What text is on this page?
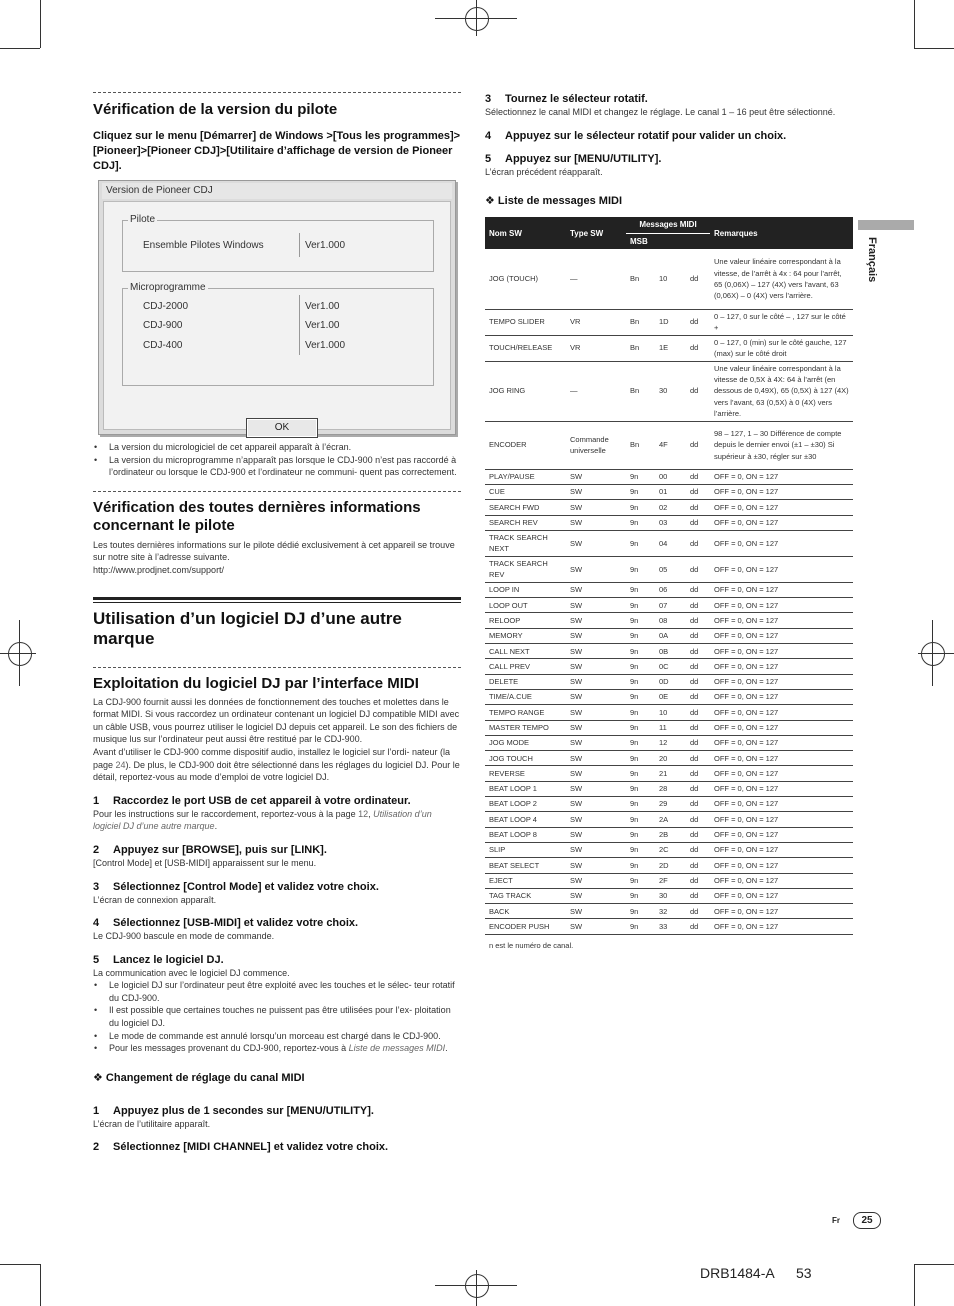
Vérification de la version du pilote
Cliquez sur le menu [Démarrer] de Windows >[Tous les programmes]>[Pioneer]>[Pioneer CDJ]>[Utilitaire d’affichage de version de Pioneer CDJ].
Version de Pioneer CDJ
Pilote
Ensemble Pilotes Windows	Ver1.000
Microprogramme
CDJ-2000	Ver1.00
CDJ-900	Ver1.00
CDJ-400	Ver1.000
OK
• La version du micrologiciel de cet appareil apparaît à l’écran.
• La version du microprogramme n’apparaît pas lorsque le CDJ-900 n’est pas raccordé à l’ordinateur ou lorsque le CDJ-900 et l’ordinateur ne communi- quent pas correctement.
Vérification des toutes dernières informations concernant le pilote

Les toutes dernières informations sur le pilote dédié exclusivement à cet appareil se trouve sur notre site à l’adresse suivante.

http://www.prodjnet.com/support/

Utilisation d’un logiciel DJ d’une autre marque
Exploitation du logiciel DJ par l’interface MIDI

La CDJ-900 fournit aussi les données de fonctionnement des touches et molettes dans le format MIDI. Si vous raccordez un ordinateur contenant un logiciel DJ compatible MIDI avec un câble USB, vous pourrez utiliser le logiciel DJ depuis cet appareil. Le son des fichiers de musique lus sur l’ordinateur peut aussi être restitué par le CDJ-900.

Avant d’utiliser le CDJ-900 comme dispositif audio, installez le logiciel sur l’ordi- nateur (la page 24). De plus, le CDJ-900 doit être sélectionné dans les réglages du logiciel DJ. Pour le détail, reportez-vous au mode d’emploi de votre logiciel DJ.

1 Raccordez le port USB de cet appareil à votre ordinateur.

Pour les instructions sur le raccordement, reportez-vous à la page 12, Utilisation d’un logiciel DJ d’une autre marque.

2 Appuyez sur [BROWSE], puis sur [LINK].

[Control Mode] et [USB-MIDI] apparaissent sur le menu.

3 Sélectionnez [Control Mode] et validez votre choix.

L’écran de connexion apparaît.

4 Sélectionnez [USB-MIDI] et validez votre choix.

Le CDJ-900 bascule en mode de commande.

5 Lancez le logiciel DJ.

La communication avec le logiciel DJ commence.

• Le logiciel DJ sur l’ordinateur peut être exploité avec les touches et le sélec- teur rotatif du CDJ-900.
• Il est possible que certaines touches ne puissent pas être utilisées pour l’ex- ploitation du logiciel DJ.
• Le mode de commande est annulé lorsqu’un morceau est chargé dans le CDJ-900.
• Pour les messages provenant du CDJ-900, reportez-vous à Liste de messages MIDI.
❖ Changement de réglage du canal MIDI
1 Appuyez plus de 1 secondes sur [MENU/UTILITY].

L’écran de l’utilitaire apparaît.

2 Sélectionnez [MIDI CHANNEL] et validez votre choix.
3 Tournez le sélecteur rotatif.

Sélectionnez le canal MIDI et changez le réglage. Le canal 1 – 16 peut être sélectionné.

4 Appuyez sur le sélecteur rotatif pour valider un choix.
5 Appuyez sur [MENU/UTILITY].

L’écran précédent réapparaît.

❖ Liste de messages MIDI
Nom SW	Type SW	Messages MIDI			Remarques
		MSB			
JOG (TOUCH)	—	Bn	10	dd	Une valeur linéaire correspondant à la vitesse, de l’arrêt à 4x : 64 pour l’arrêt, 65 (0,06X) – 127 (4X) vers l’avant, 63 (0,06X) – 0 (4X) vers l’arrière.
TEMPO SLIDER	VR	Bn	1D	dd	0 – 127, 0 sur le côté – , 127 sur le côté +
TOUCH/RELEASE	VR	Bn	1E	dd	0 – 127, 0 (min) sur le côté gauche, 127 (max) sur le côté droit
JOG RING	—	Bn	30	dd	Une valeur linéaire correspondant à la vitesse de 0,5X à 4X: 64 à l’arrêt (en dessous de 0,49X), 65 (0,5X) à 127 (4X) vers l’avant, 63 (0,5X) à 0 (4X) vers l’arrière.
ENCODER	Commande universelle	Bn	4F	dd	98 – 127, 1 – 30 Différence de compte depuis le dernier envoi (±1 – ±30) Si supérieur à ±30, régler sur ±30
PLAY/PAUSE	SW	9n	00	dd	OFF = 0, ON = 127
CUE	SW	9n	01	dd	OFF = 0, ON = 127
SEARCH FWD	SW	9n	02	dd	OFF = 0, ON = 127
SEARCH REV	SW	9n	03	dd	OFF = 0, ON = 127
TRACK SEARCH NEXT	SW	9n	04	dd	OFF = 0, ON = 127
TRACK SEARCH REV	SW	9n	05	dd	OFF = 0, ON = 127
LOOP IN	SW	9n	06	dd	OFF = 0, ON = 127
LOOP OUT	SW	9n	07	dd	OFF = 0, ON = 127
RELOOP	SW	9n	08	dd	OFF = 0, ON = 127
MEMORY	SW	9n	0A	dd	OFF = 0, ON = 127
CALL NEXT	SW	9n	0B	dd	OFF = 0, ON = 127
CALL PREV	SW	9n	0C	dd	OFF = 0, ON = 127
DELETE	SW	9n	0D	dd	OFF = 0, ON = 127
TIME/A.CUE	SW	9n	0E	dd	OFF = 0, ON = 127
TEMPO RANGE	SW	9n	10	dd	OFF = 0, ON = 127
MASTER TEMPO	SW	9n	11	dd	OFF = 0, ON = 127
JOG MODE	SW	9n	12	dd	OFF = 0, ON = 127
JOG TOUCH	SW	9n	20	dd	OFF = 0, ON = 127
REVERSE	SW	9n	21	dd	OFF = 0, ON = 127
BEAT LOOP 1	SW	9n	28	dd	OFF = 0, ON = 127
BEAT LOOP 2	SW	9n	29	dd	OFF = 0, ON = 127
BEAT LOOP 4	SW	9n	2A	dd	OFF = 0, ON = 127
BEAT LOOP 8	SW	9n	2B	dd	OFF = 0, ON = 127
SLIP	SW	9n	2C	dd	OFF = 0, ON = 127
BEAT SELECT	SW	9n	2D	dd	OFF = 0, ON = 127
EJECT	SW	9n	2F	dd	OFF = 0, ON = 127
TAG TRACK	SW	9n	30	dd	OFF = 0, ON = 127
BACK	SW	9n	32	dd	OFF = 0, ON = 127
ENCODER PUSH	SW	9n	33	dd	OFF = 0, ON = 127

n est le numéro de canal.

Français
Fr	25
DRB1484-A 53
